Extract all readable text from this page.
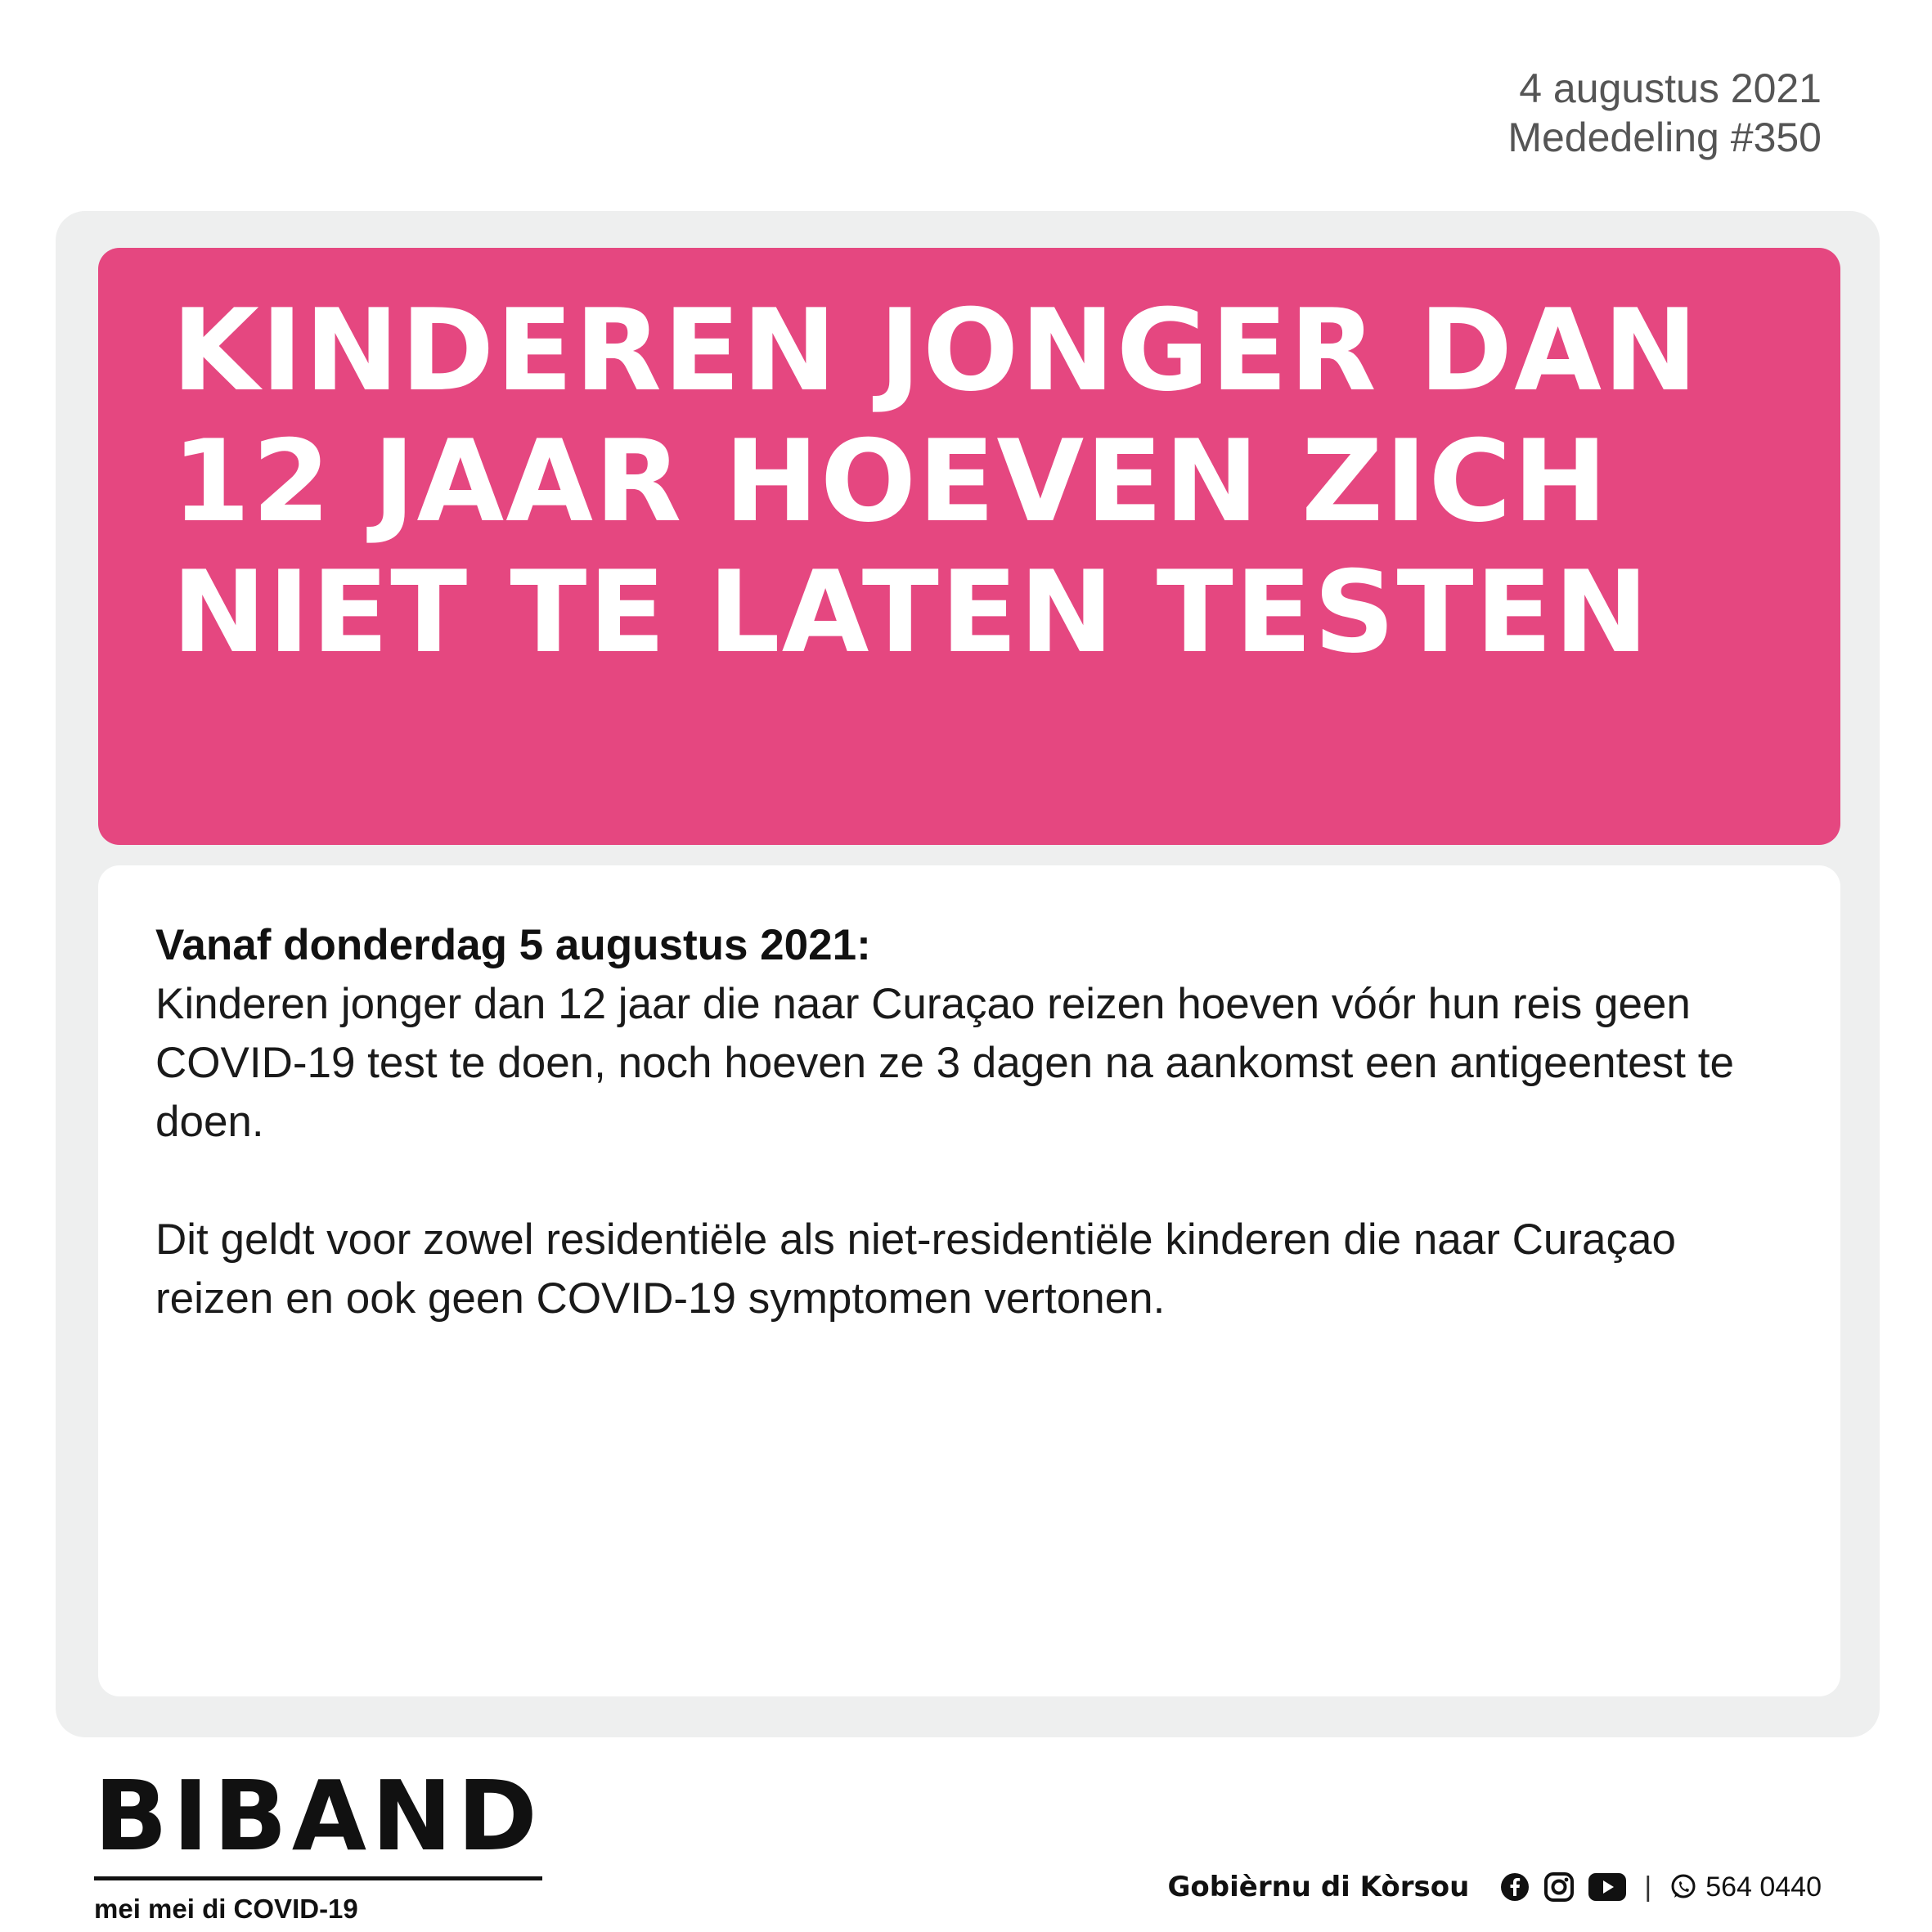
4 augustus 2021
Mededeling #350
KINDEREN JONGER DAN
12 JAAR HOEVEN ZICH
NIET TE LATEN TESTEN
Vanaf donderdag 5 augustus 2021:

Kinderen jonger dan 12 jaar die naar Curaçao reizen hoeven vóór hun reis geen COVID-19 test te doen, noch hoeven ze 3 dagen na aankomst een antigeentest te doen.

Dit geldt voor zowel residentiële als niet-residentiële kinderen die naar Curaçao reizen en ook geen COVID-19 symptomen vertonen.

BIBAND
mei mei di COVID-19
Gobièrnu di Kòrsou	| 564 0440
